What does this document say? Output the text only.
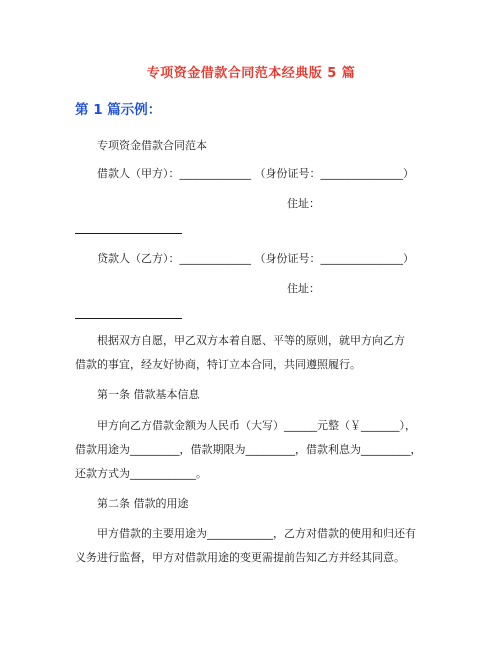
专项资金借款合同范本经典版 5 篇
第 1 篇示例：
专项资金借款合同范本
借款人（甲方）：_____________ （身份证号：_______________）
住址：
贷款人（乙方）：_____________ （身份证号：_______________）
住址：
根据双方自愿，甲乙双方本着自愿、平等的原则，就甲方向乙方
借款的事宜，经友好协商，特订立本合同，共同遵照履行。
第一条 借款基本信息
甲方向乙方借款金额为人民币（大写）______元整（￥_______），
借款用途为_________，借款期限为_________，借款利息为_________，
还款方式为____________。
第二条 借款的用途
甲方借款的主要用途为____________，乙方对借款的使用和归还有
义务进行监督，甲方对借款用途的变更需提前告知乙方并经其同意。
